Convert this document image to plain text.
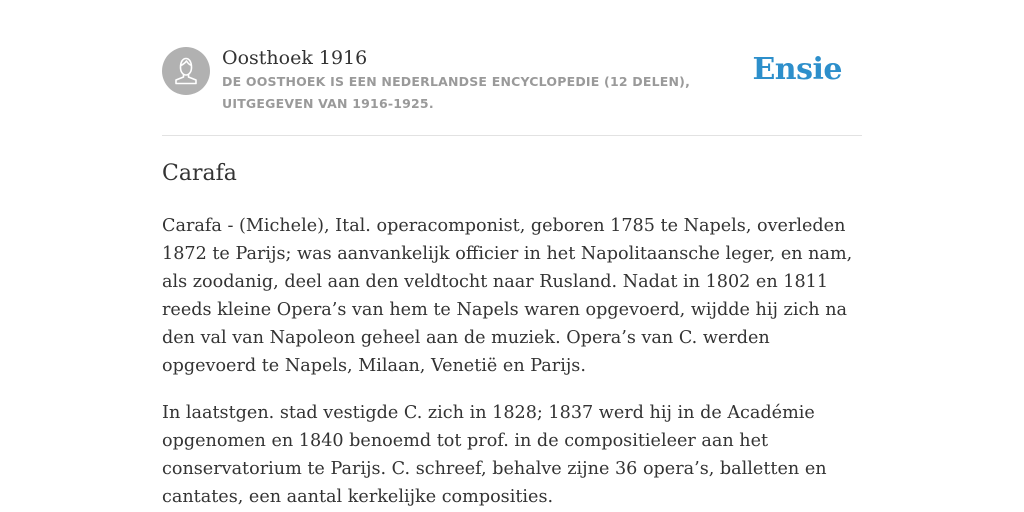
Oosthoek 1916
DE OOSTHOEK IS EEN NEDERLANDSE ENCYCLOPEDIE (12 DELEN), UITGEGEVEN VAN 1916-1925.
Ensie
Carafa

Carafa - (Michele), Ital. operacomponist, geboren 1785 te Napels, overleden 1872 te Parijs; was aanvankelijk officier in het Napolitaansche leger, en nam, als zoodanig, deel aan den veldtocht naar Rusland. Nadat in 1802 en 1811 reeds kleine Opera’s van hem te Napels waren opgevoerd, wijdde hij zich na den val van Napoleon geheel aan de muziek. Opera’s van C. werden opgevoerd te Napels, Milaan, Venetië en Parijs.

In laatstgen. stad vestigde C. zich in 1828; 1837 werd hij in de Académie opgenomen en 1840 benoemd tot prof. in de compositieleer aan het conservatorium te Parijs. C. schreef, behalve zijne 36 opera’s, balletten en cantates, een aantal kerkelijke composities.
